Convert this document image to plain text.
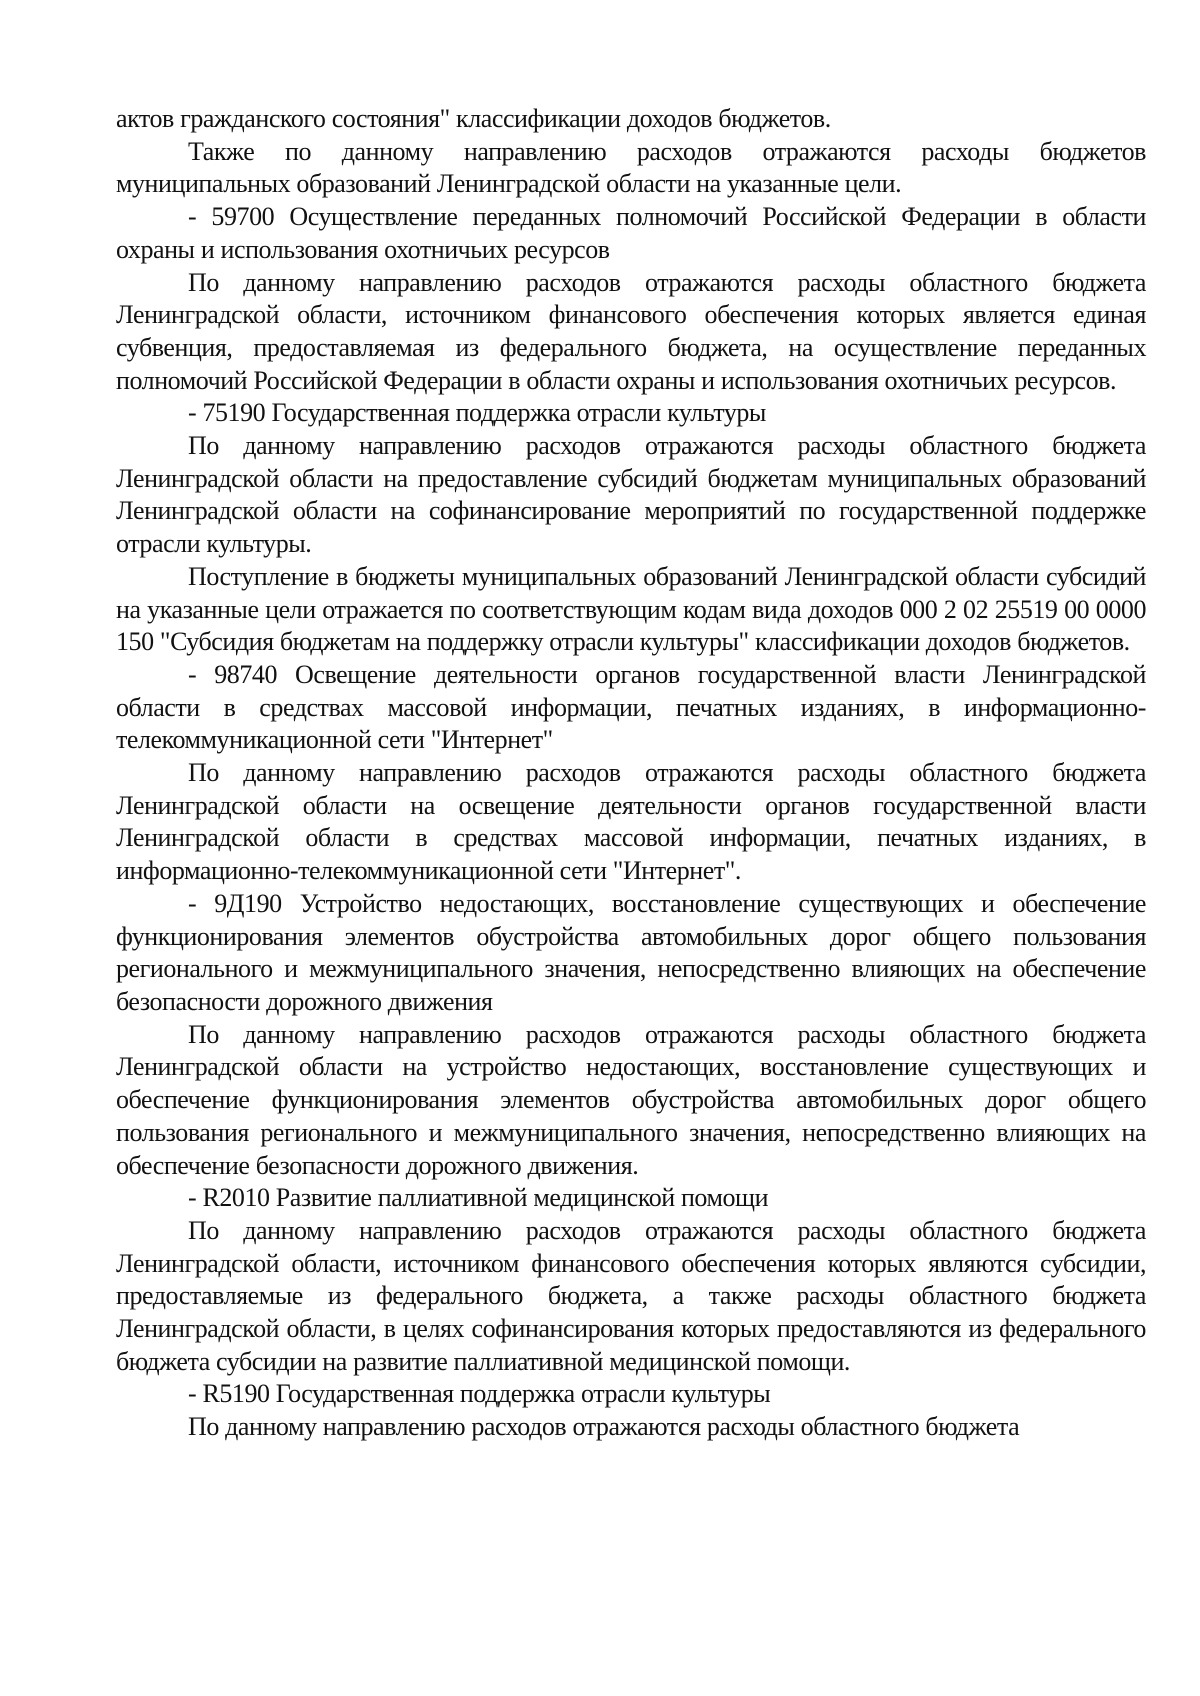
актов гражданского состояния" классификации доходов бюджетов.

Также по данному направлению расходов отражаются расходы бюджетов муниципальных образований Ленинградской области на указанные цели.

- 59700 Осуществление переданных полномочий Российской Федерации в области охраны и использования охотничьих ресурсов

По данному направлению расходов отражаются расходы областного бюджета Ленинградской области, источником финансового обеспечения которых является единая субвенция, предоставляемая из федерального бюджета, на осуществление переданных полномочий Российской Федерации в области охраны и использования охотничьих ресурсов.

- 75190 Государственная поддержка отрасли культуры

По данному направлению расходов отражаются расходы областного бюджета Ленинградской области на предоставление субсидий бюджетам муниципальных образований Ленинградской области на софинансирование мероприятий по государственной поддержке отрасли культуры.

Поступление в бюджеты муниципальных образований Ленинградской области субсидий на указанные цели отражается по соответствующим кодам вида доходов 000 2 02 25519 00 0000 150 "Субсидия бюджетам на поддержку отрасли культуры" классификации доходов бюджетов.

- 98740 Освещение деятельности органов государственной власти Ленинградской области в средствах массовой информации, печатных изданиях, в информационно-телекоммуникационной сети "Интернет"

По данному направлению расходов отражаются расходы областного бюджета Ленинградской области на освещение деятельности органов государственной власти Ленинградской области в средствах массовой информации, печатных изданиях, в информационно-телекоммуникационной сети "Интернет".

- 9Д190 Устройство недостающих, восстановление существующих и обеспечение функционирования элементов обустройства автомобильных дорог общего пользования регионального и межмуниципального значения, непосредственно влияющих на обеспечение безопасности дорожного движения

По данному направлению расходов отражаются расходы областного бюджета Ленинградской области на устройство недостающих, восстановление существующих и обеспечение функционирования элементов обустройства автомобильных дорог общего пользования регионального и межмуниципального значения, непосредственно влияющих на обеспечение безопасности дорожного движения.

- R2010 Развитие паллиативной медицинской помощи

По данному направлению расходов отражаются расходы областного бюджета Ленинградской области, источником финансового обеспечения которых являются субсидии, предоставляемые из федерального бюджета, а также расходы областного бюджета Ленинградской области, в целях софинансирования которых предоставляются из федерального бюджета субсидии на развитие паллиативной медицинской помощи.

- R5190 Государственная поддержка отрасли культуры

По данному направлению расходов отражаются расходы областного бюджета
